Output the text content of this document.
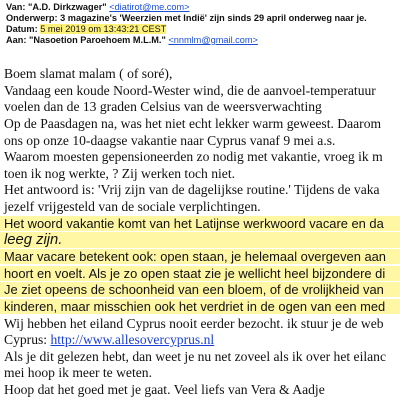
Van: "A.D. Dirkzwager" <diatirot@me.com>
Onderwerp: 3 magazine's 'Weerzien met Indië' zijn sinds 29 april onderweg naar je.
Datum: 5 mei 2019 om 13:43:21 CEST
Aan: "Nasoetion Paroehoem M.L.M." <nnmlm@gmail.com>
Boem slamat malam ( of soré),
Vandaag een koude Noord-Wester wind, die de aanvoel-temperatuur
voelen dan de 13 graden Celsius van de weersverwachting
Op de Paasdagen na, was het niet echt lekker warm geweest. Daarom
ons op onze 10-daagse vakantie naar Cyprus vanaf 9 mei a.s.
Waarom moesten gepensioneerden zo nodig met vakantie, vroeg ik m
toen ik nog werkte, ? Zij werken toch niet.
Het antwoord is: 'Vrij zijn van de dagelijkse routine.' Tijdens de vaka
jezelf vrijgesteld van de sociale verplichtingen.
Het woord vakantie komt van het Latijnse werkwoord vacare en da
leeg zijn.
Maar vacare betekent ook: open staan, je helemaal overgeven aan
hoort en voelt. Als je zo open staat zie je wellicht heel bijzondere di
Je ziet opeens de schoonheid van een bloem, of de vrolijkheid van
kinderen, maar misschien ook het verdriet in de ogen van een med
Wij hebben het eiland Cyprus nooit eerder bezocht. ik stuur je de web
Cyprus: http://www.allesovercyprus.nl
Als je dit gelezen hebt, dan weet je nu net zoveel als ik over het eilanc
mei hoop ik meer te weten.
Hoop dat het goed met je gaat. Veel liefs van Vera & Aadje
